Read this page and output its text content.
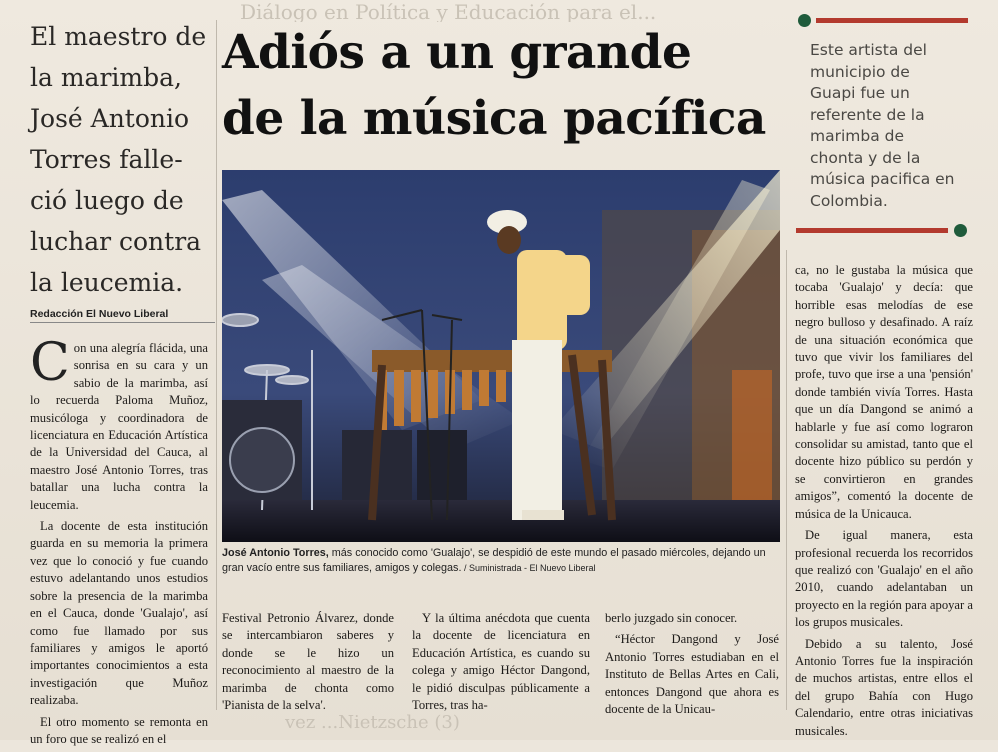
Diálogo en Política y Educación para el...
vez ...Nietzsche (3)
El maestro de
la marimba,
José Antonio
Torres falle-
ció luego de
luchar contra
la leucemia.
Adiós a un grande
de la música pacífica
Este artista del municipio de Guapi fue un referente de la marimba de chonta y de la música pacifica en Colombia.
Redacción El Nuevo Liberal
José Antonio Torres, más conocido como 'Gualajo', se despidió de este mundo el pasado miércoles, dejando un gran vacío entre sus familiares, amigos y colegas. / Suministrada - El Nuevo Liberal

Con una alegría flácida, una sonrisa en su cara y un sabio de la marimba, así lo recuerda Paloma Muñoz, musicóloga y coordinadora de licenciatura en Educación Artística de la Universidad del Cauca, al maestro José Antonio Torres, tras batallar una lucha contra la leucemia.

La docente de esta institución guarda en su memoria la primera vez que lo conoció y fue cuando estuvo adelantando unos estudios sobre la presencia de la marimba en el Cauca, donde 'Gualajo', así como fue llamado por sus familiares y amigos le aportó importantes conocimientos a esta investigación que Muñoz realizaba.

El otro momento se remonta en un foro que se realizó en el

Festival Petronio Álvarez, donde se intercambiaron saberes y donde se le hizo un reconocimiento al maestro de la marimba de chonta como 'Pianista de la selva'.

Y la última anécdota que cuenta la docente de licenciatura en Educación Artística, es cuando su colega y amigo Héctor Dangond, le pidió disculpas públicamente a Torres, tras ha-

berlo juzgado sin conocer.

“Héctor Dangond y José Antonio Torres estudiaban en el Instituto de Bellas Artes en Cali, entonces Dangond que ahora es docente de la Unicau-

ca, no le gustaba la música que tocaba 'Gualajo' y decía: que horrible esas melodías de ese negro bulloso y desafinado. A raíz de una situación económica que tuvo que vivir los familiares del profe, tuvo que irse a una 'pensión' donde también vivía Torres. Hasta que un día Dangond se animó a hablarle y fue así como lograron consolidar su amistad, tanto que el docente hizo público su perdón y se convirtieron en grandes amigos”, comentó la docente de música de la Unicauca.

De igual manera, esta profesional recuerda los recorridos que realizó con 'Gualajo' en el año 2010, cuando adelantaban un proyecto en la región para apoyar a los grupos musicales.

Debido a su talento, José Antonio Torres fue la inspiración de muchos artistas, entre ellos el del grupo Bahía con Hugo Calendario, entre otras iniciativas musicales.
